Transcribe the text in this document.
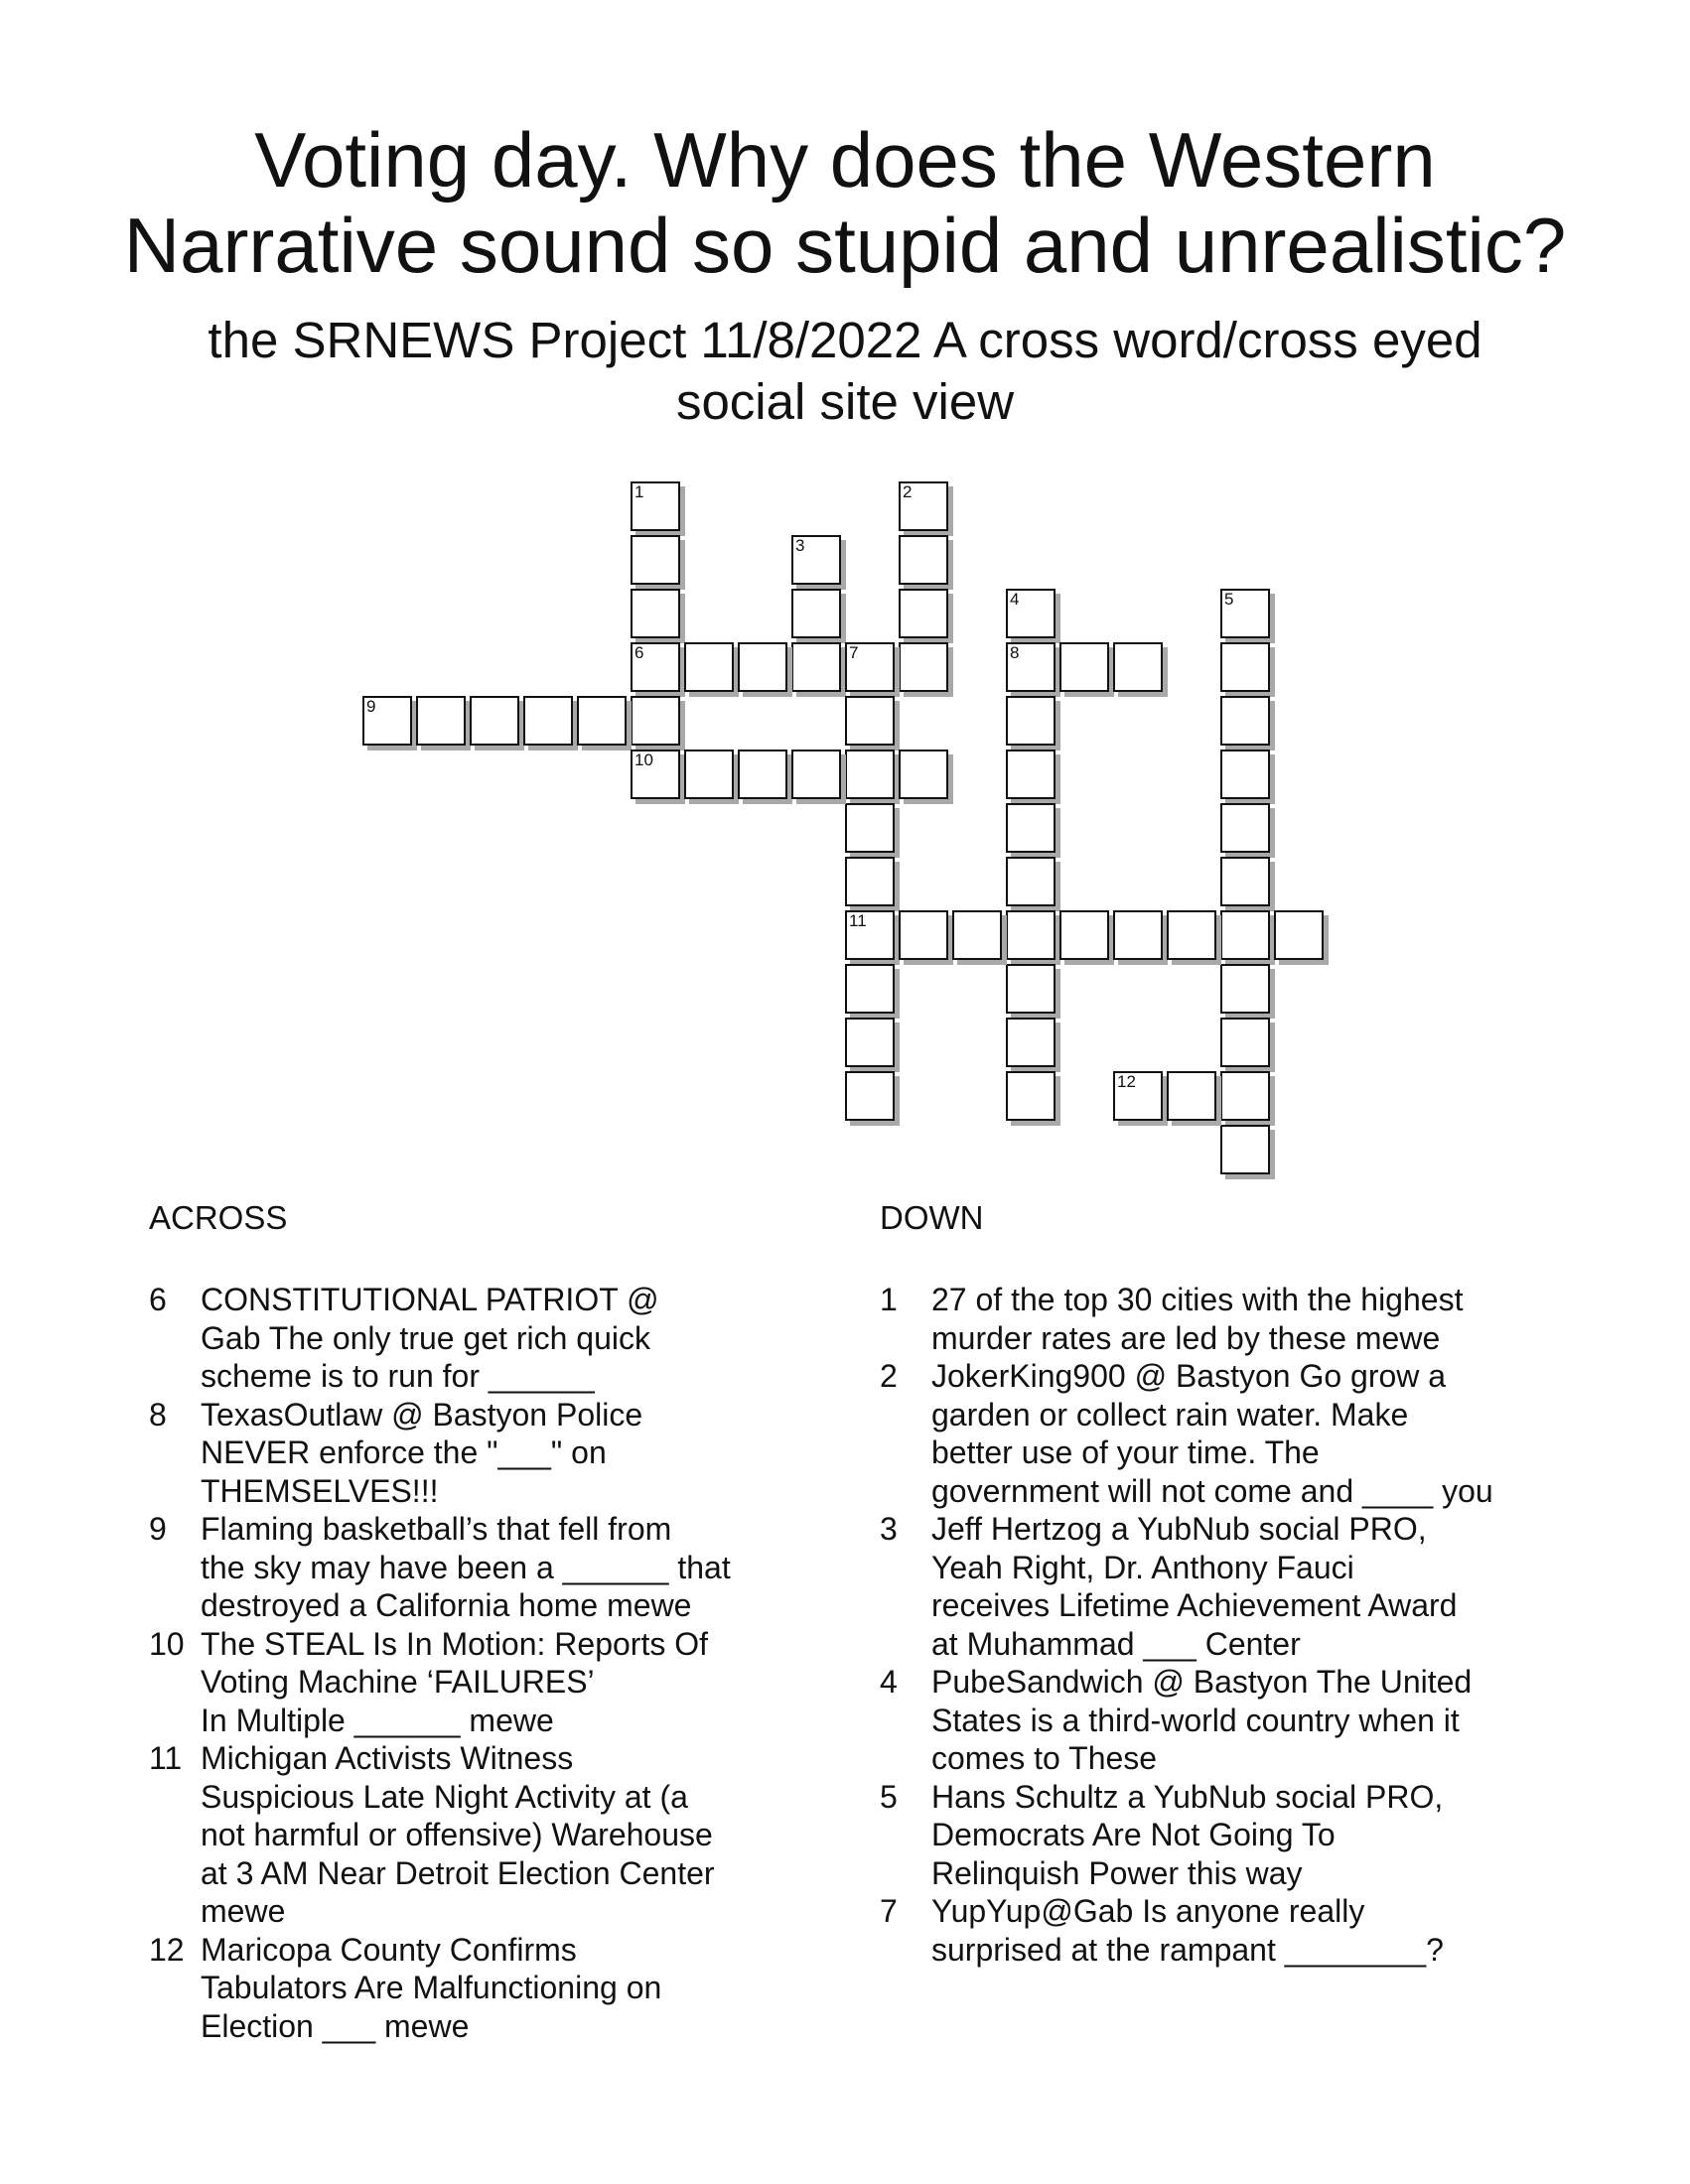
Voting day. Why does the Western
Narrative sound so stupid and unrealistic?
the SRNEWS Project 11/8/2022 A cross word/cross eyed
social site view
1
6
2
3
4
8
5
7
11
9
10
12
ACROSS	DOWN
6	CONSTITUTIONAL PATRIOT @
Gab The only true get rich quick
scheme is to run for ______
8	TexasOutlaw @ Bastyon Police
NEVER enforce the "___" on
THEMSELVES!!!
9	Flaming basketball’s that fell from
the sky may have been a ______ that
destroyed a California home mewe
10 The STEAL Is In Motion: Reports Of
Voting Machine ‘FAILURES’
In Multiple ______ mewe
11 Michigan Activists Witness
Suspicious Late Night Activity at (a
not harmful or offensive) Warehouse
at 3 AM Near Detroit Election Center
mewe
12 Maricopa County Confirms
Tabulators Are Malfunctioning on
Election ___ mewe
1	27 of the top 30 cities with the highest
murder rates are led by these mewe
2	JokerKing900 @ Bastyon Go grow a
garden or collect rain water. Make
better use of your time. The
government will not come and ____ you
3	Jeff Hertzog a YubNub social PRO,
Yeah Right, Dr. Anthony Fauci
receives Lifetime Achievement Award
at Muhammad ___ Center
4	PubeSandwich @ Bastyon The United
States is a third-world country when it
comes to These
5	Hans Schultz a YubNub social PRO,
Democrats Are Not Going To
Relinquish Power this way
7	YupYup@Gab Is anyone really
surprised at the rampant ________?
